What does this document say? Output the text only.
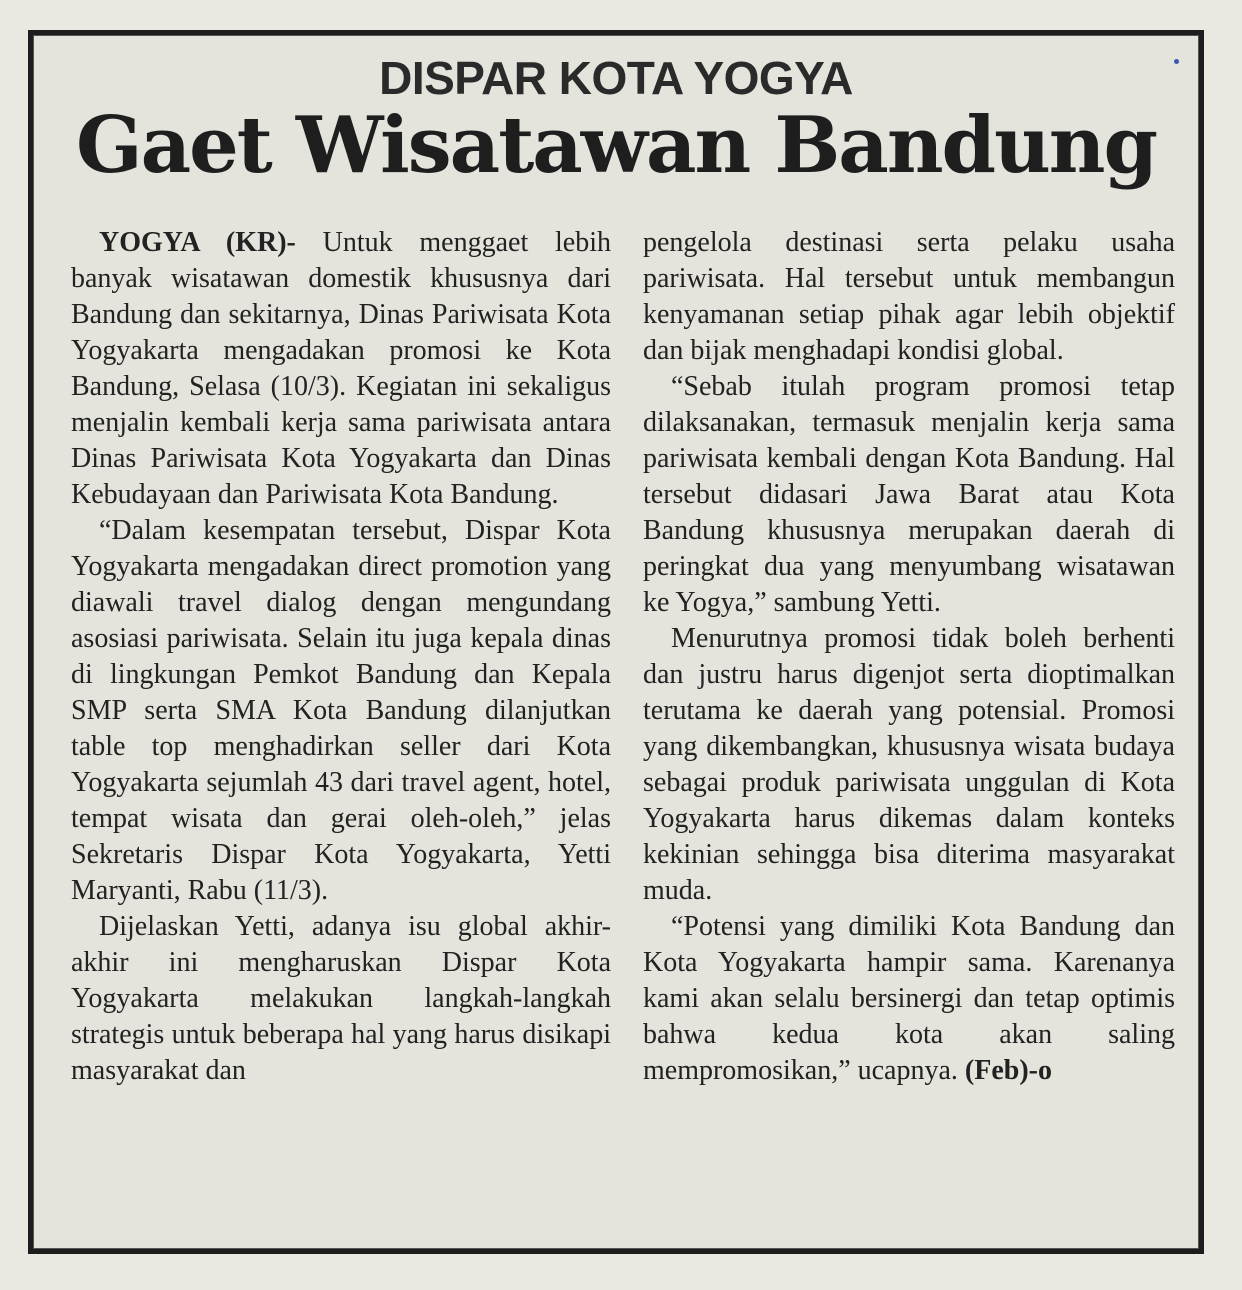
DISPAR KOTA YOGYA
Gaet Wisatawan Bandung

YOGYA (KR)- Untuk menggaet lebih banyak wisatawan domestik khususnya dari Bandung dan sekitarnya, Dinas Pariwisata Kota Yogyakarta mengadakan promosi ke Kota Bandung, Selasa (10/3). Kegiatan ini sekaligus menjalin kembali kerja sama pariwisata antara Dinas Pariwisata Kota Yogyakarta dan Dinas Kebudayaan dan Pariwisata Kota Bandung.

“Dalam kesempatan tersebut, Dispar Kota Yogyakarta mengadakan direct promotion yang diawali travel dialog dengan mengundang asosiasi pariwisata. Selain itu juga kepala dinas di lingkungan Pemkot Bandung dan Kepala SMP serta SMA Kota Bandung dilanjutkan table top menghadirkan seller dari Kota Yogyakarta sejumlah 43 dari travel agent, hotel, tempat wisata dan gerai oleh-oleh,” jelas Sekretaris Dispar Kota Yogyakarta, Yetti Maryanti, Rabu (11/3).

Dijelaskan Yetti, adanya isu global akhir-akhir ini mengharuskan Dispar Kota Yogyakarta melakukan langkah-langkah strategis untuk beberapa hal yang harus disikapi masyarakat dan

pengelola destinasi serta pelaku usaha pariwisata. Hal tersebut untuk membangun kenyamanan setiap pihak agar lebih objektif dan bijak menghadapi kondisi global.

“Sebab itulah program promosi tetap dilaksanakan, termasuk menjalin kerja sama pariwisata kembali dengan Kota Bandung. Hal tersebut didasari Jawa Barat atau Kota Bandung khususnya merupakan daerah di peringkat dua yang menyumbang wisatawan ke Yogya,” sambung Yetti.

Menurutnya promosi tidak boleh berhenti dan justru harus digenjot serta dioptimalkan terutama ke daerah yang potensial. Promosi yang dikembangkan, khususnya wisata budaya sebagai produk pariwisata unggulan di Kota Yogyakarta harus dikemas dalam konteks kekinian sehingga bisa diterima masyarakat muda.

“Potensi yang dimiliki Kota Bandung dan Kota Yogyakarta hampir sama. Karenanya kami akan selalu bersinergi dan tetap optimis bahwa kedua kota akan saling mempromosikan,” ucapnya. (Feb)-o
